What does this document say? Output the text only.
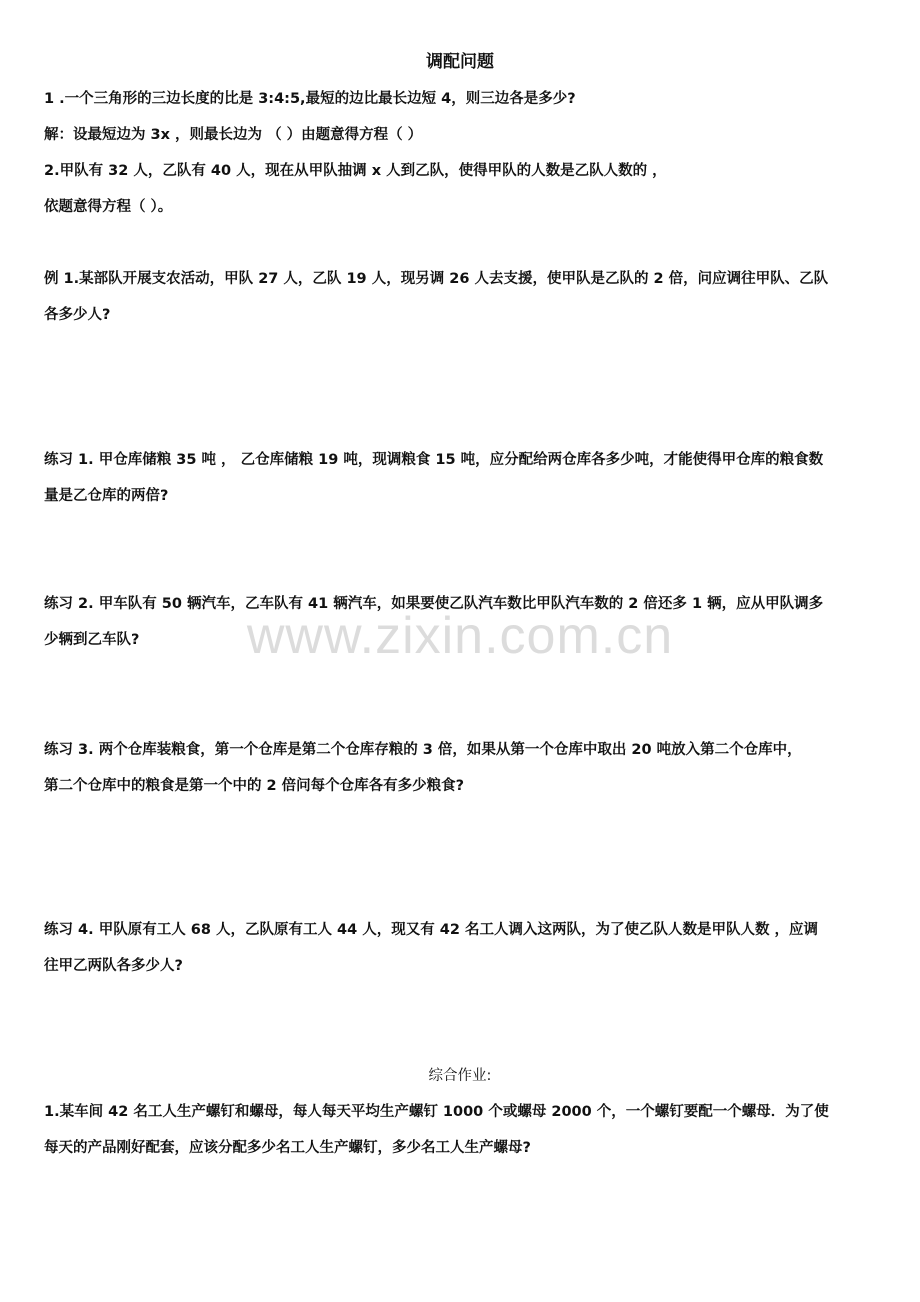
调配问题
1 .一个三角形的三边长度的比是 3:4:5,最短的边比最长边短 4，则三边各是多少?
解：设最短边为 3x ，则最长边为 （ ）由题意得方程（ ）
2.甲队有 32 人，乙队有 40 人，现在从甲队抽调 x 人到乙队，使得甲队的人数是乙队人数的 ，
依题意得方程（ ）。
例 1.某部队开展支农活动，甲队 27 人，乙队 19 人，现另调 26 人去支援，使甲队是乙队的 2 倍，问应调往甲队、乙队
各多少人?
练习 1. 甲仓库储粮 35 吨 ， 乙仓库储粮 19 吨，现调粮食 15 吨，应分配给两仓库各多少吨，才能使得甲仓库的粮食数
量是乙仓库的两倍?
练习 2. 甲车队有 50 辆汽车，乙车队有 41 辆汽车，如果要使乙队汽车数比甲队汽车数的 2 倍还多 1 辆，应从甲队调多
少辆到乙车队?
练习 3. 两个仓库装粮食，第一个仓库是第二个仓库存粮的 3 倍，如果从第一个仓库中取出 20 吨放入第二个仓库中，
第二个仓库中的粮食是第一个中的 2 倍问每个仓库各有多少粮食?
练习 4. 甲队原有工人 68 人，乙队原有工人 44 人，现又有 42 名工人调入这两队，为了使乙队人数是甲队人数 ，应调
往甲乙两队各多少人?
综合作业:
1.某车间 42 名工人生产螺钉和螺母，每人每天平均生产螺钉 1000 个或螺母 2000 个，一个螺钉要配一个螺母．为了使
每天的产品刚好配套，应该分配多少名工人生产螺钉，多少名工人生产螺母?
www.zixin.com.cn
